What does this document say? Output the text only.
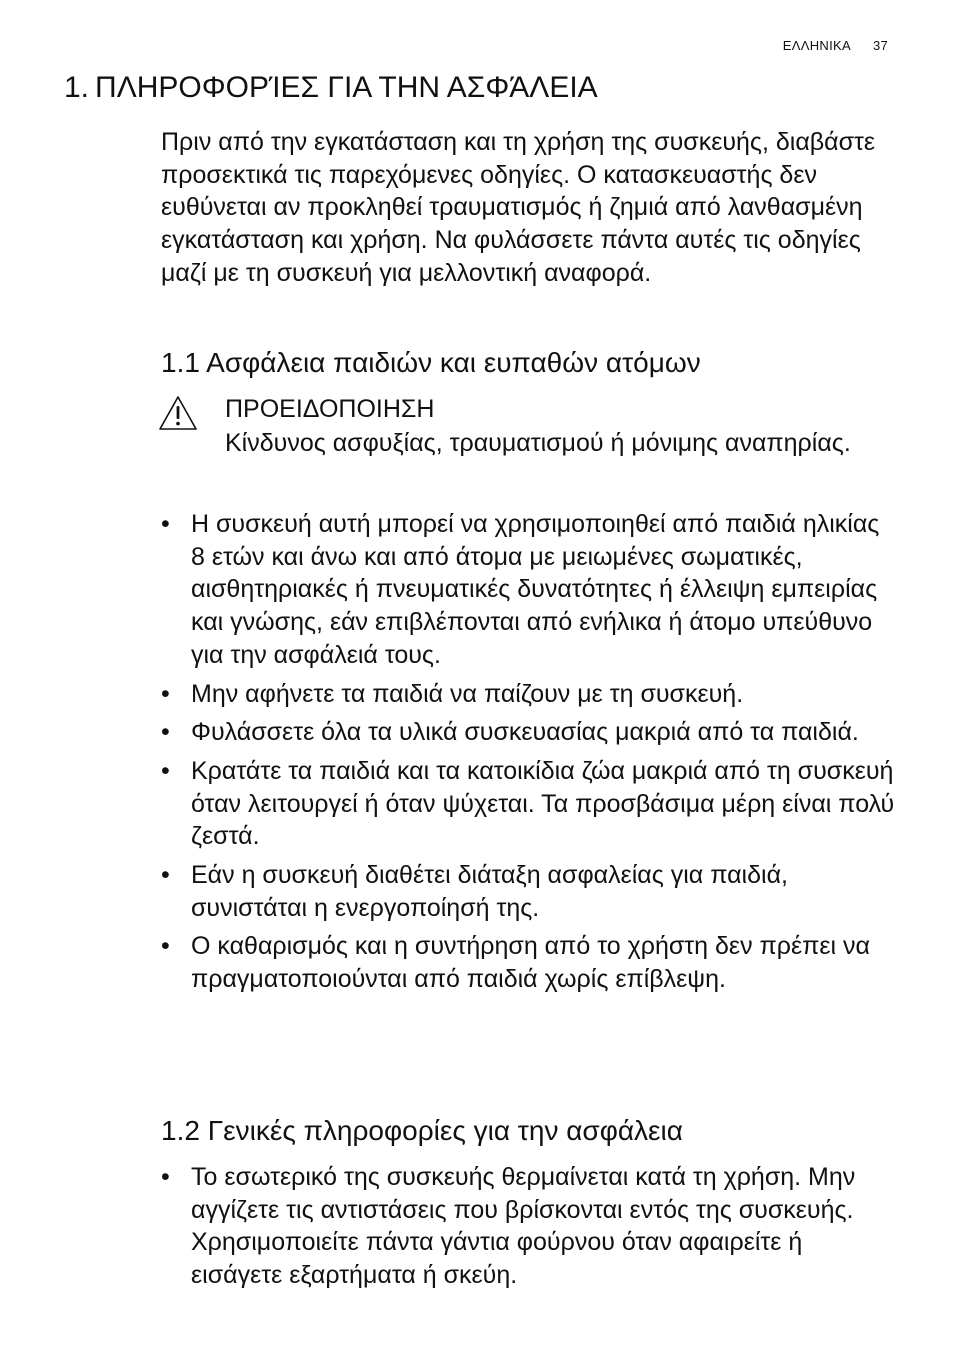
ΕΛΛΗΝΙΚΑ 37
1. ΠΛΗΡΟΦΟΡΊΕΣ ΓΙΑ ΤΗΝ ΑΣΦΆΛΕΙΑ

Πριν από την εγκατάσταση και τη χρήση της συσκευής, διαβάστε προσεκτικά τις παρεχόμενες οδηγίες. Ο κατασκευαστής δεν ευθύνεται αν προκληθεί τραυματισμός ή ζημιά από λανθασμένη εγκατάσταση και χρήση. Να φυλάσσετε πάντα αυτές τις οδηγίες μαζί με τη συσκευή για μελλοντική αναφορά.

1.1 Ασφάλεια παιδιών και ευπαθών ατόμων
ΠΡΟΕΙΔΟΠΟΙΗΣΗ

Κίνδυνος ασφυξίας, τραυματισμού ή μόνιμης αναπηρίας.

• Η συσκευή αυτή μπορεί να χρησιμοποιηθεί από παιδιά ηλικίας 8 ετών και άνω και από άτομα με μειωμένες σωματικές, αισθητηριακές ή πνευματικές δυνατότητες ή έλλειψη εμπειρίας και γνώσης, εάν επιβλέπονται από ενήλικα ή άτομο υπεύθυνο για την ασφάλειά τους.
• Μην αφήνετε τα παιδιά να παίζουν με τη συσκευή.
• Φυλάσσετε όλα τα υλικά συσκευασίας μακριά από τα παιδιά.
• Κρατάτε τα παιδιά και τα κατοικίδια ζώα μακριά από τη συσκευή όταν λειτουργεί ή όταν ψύχεται. Τα προσβάσιμα μέρη είναι πολύ ζεστά.
• Εάν η συσκευή διαθέτει διάταξη ασφαλείας για παιδιά, συνιστάται η ενεργοποίησή της.
• Ο καθαρισμός και η συντήρηση από το χρήστη δεν πρέπει να πραγματοποιούνται από παιδιά χωρίς επίβλεψη.
1.2 Γενικές πληροφορίες για την ασφάλεια
• Το εσωτερικό της συσκευής θερμαίνεται κατά τη χρήση. Μην αγγίζετε τις αντιστάσεις που βρίσκονται εντός της συσκευής. Χρησιμοποιείτε πάντα γάντια φούρνου όταν αφαιρείτε ή εισάγετε εξαρτήματα ή σκεύη.
